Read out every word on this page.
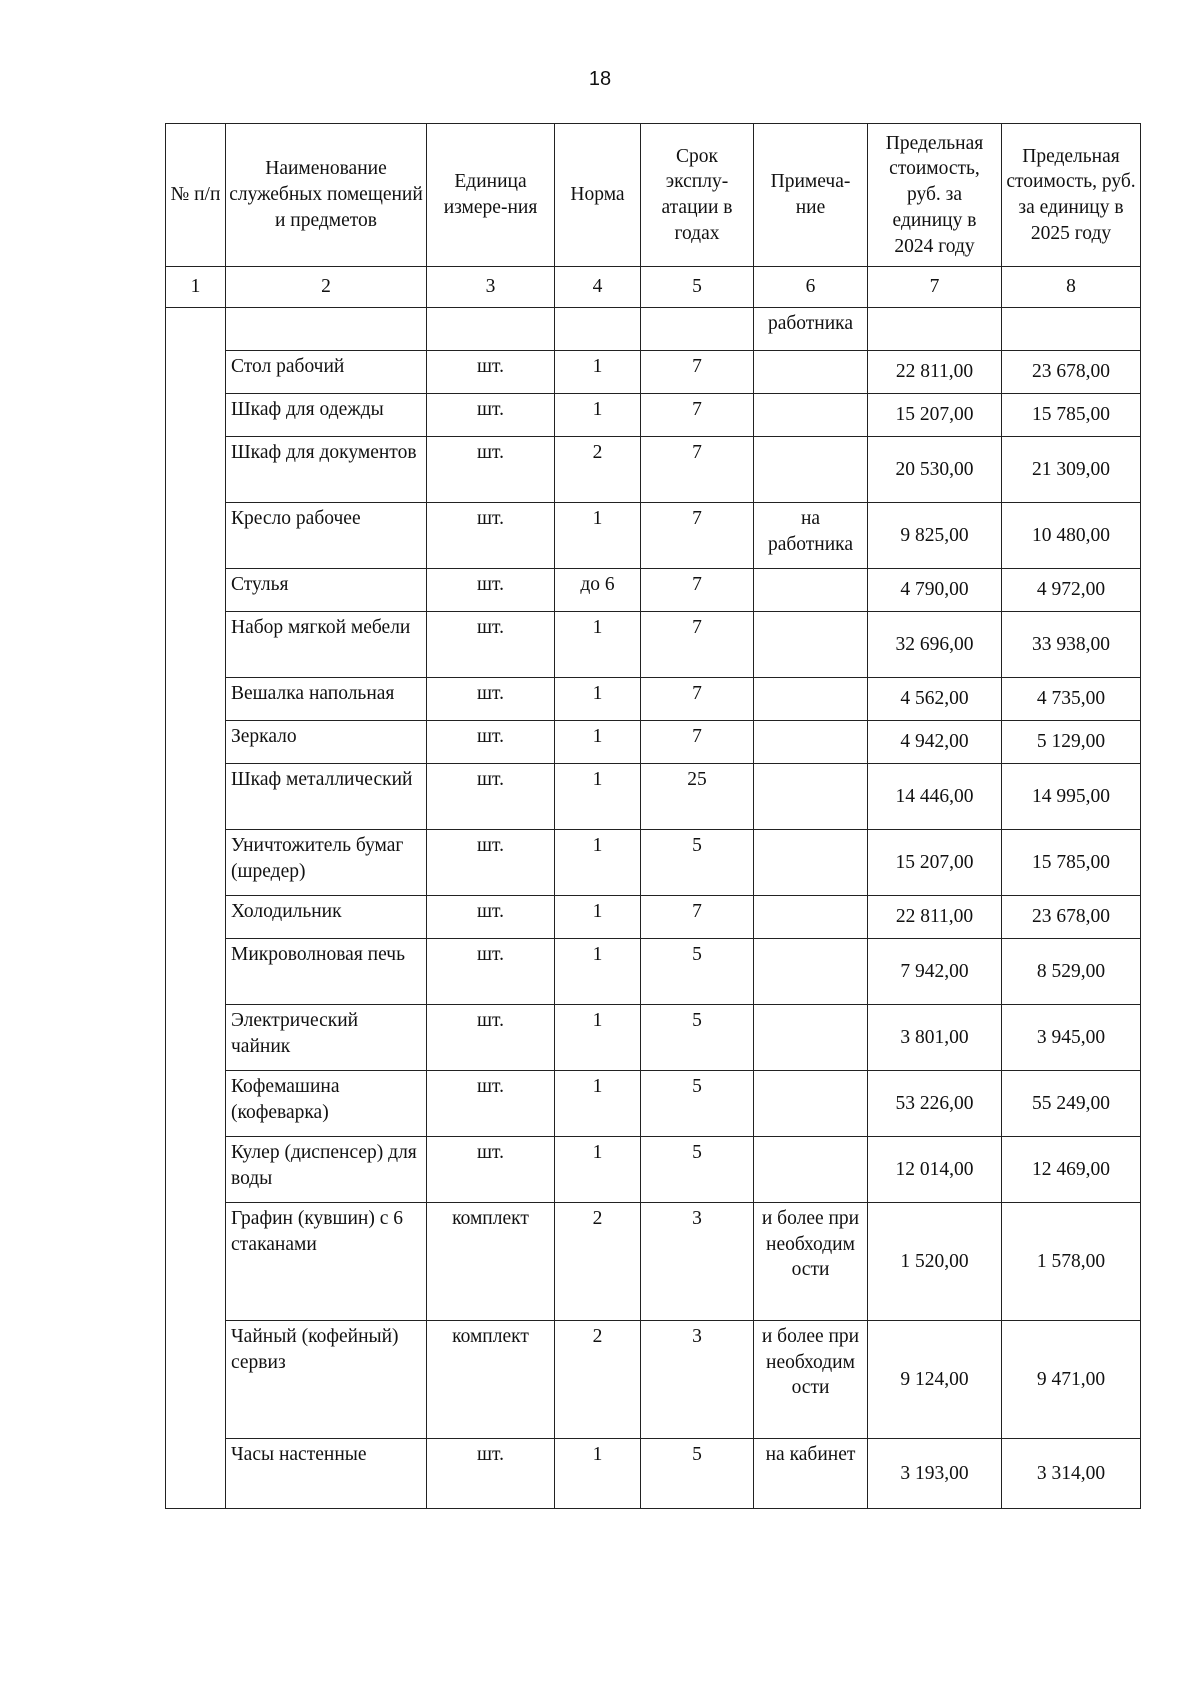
18
№ п/п	Наименование служебных помещений и предметов	Единица измере-ния	Норма	Срок эксплу-атации в годах	Примеча-ние	Предельная стоимость, руб. за единицу в 2024 году	Предельная стоимость, руб. за единицу в 2025 году
1	2	3	4	5	6	7	8
					работника		
	Стол рабочий	шт.	1	7		22 811,00	23 678,00
	Шкаф для одежды	шт.	1	7		15 207,00	15 785,00
	Шкаф для документов	шт.	2	7		20 530,00	21 309,00
	Кресло рабочее	шт.	1	7	на работника	9 825,00	10 480,00
	Стулья	шт.	до 6	7		4 790,00	4 972,00
	Набор мягкой мебели	шт.	1	7		32 696,00	33 938,00
	Вешалка напольная	шт.	1	7		4 562,00	4 735,00
	Зеркало	шт.	1	7		4 942,00	5 129,00
	Шкаф металлический	шт.	1	25		14 446,00	14 995,00
	Уничтожитель бумаг (шредер)	шт.	1	5		15 207,00	15 785,00
	Холодильник	шт.	1	7		22 811,00	23 678,00
	Микроволновая печь	шт.	1	5		7 942,00	8 529,00
	Электрический чайник	шт.	1	5		3 801,00	3 945,00
	Кофемашина (кофеварка)	шт.	1	5		53 226,00	55 249,00
	Кулер (диспенсер) для воды	шт.	1	5		12 014,00	12 469,00
	Графин (кувшин) с 6 стаканами	комплект	2	3	и более при необходим ости	1 520,00	1 578,00
	Чайный (кофейный) сервиз	комплект	2	3	и более при необходим ости	9 124,00	9 471,00
	Часы настенные	шт.	1	5	на кабинет	3 193,00	3 314,00
